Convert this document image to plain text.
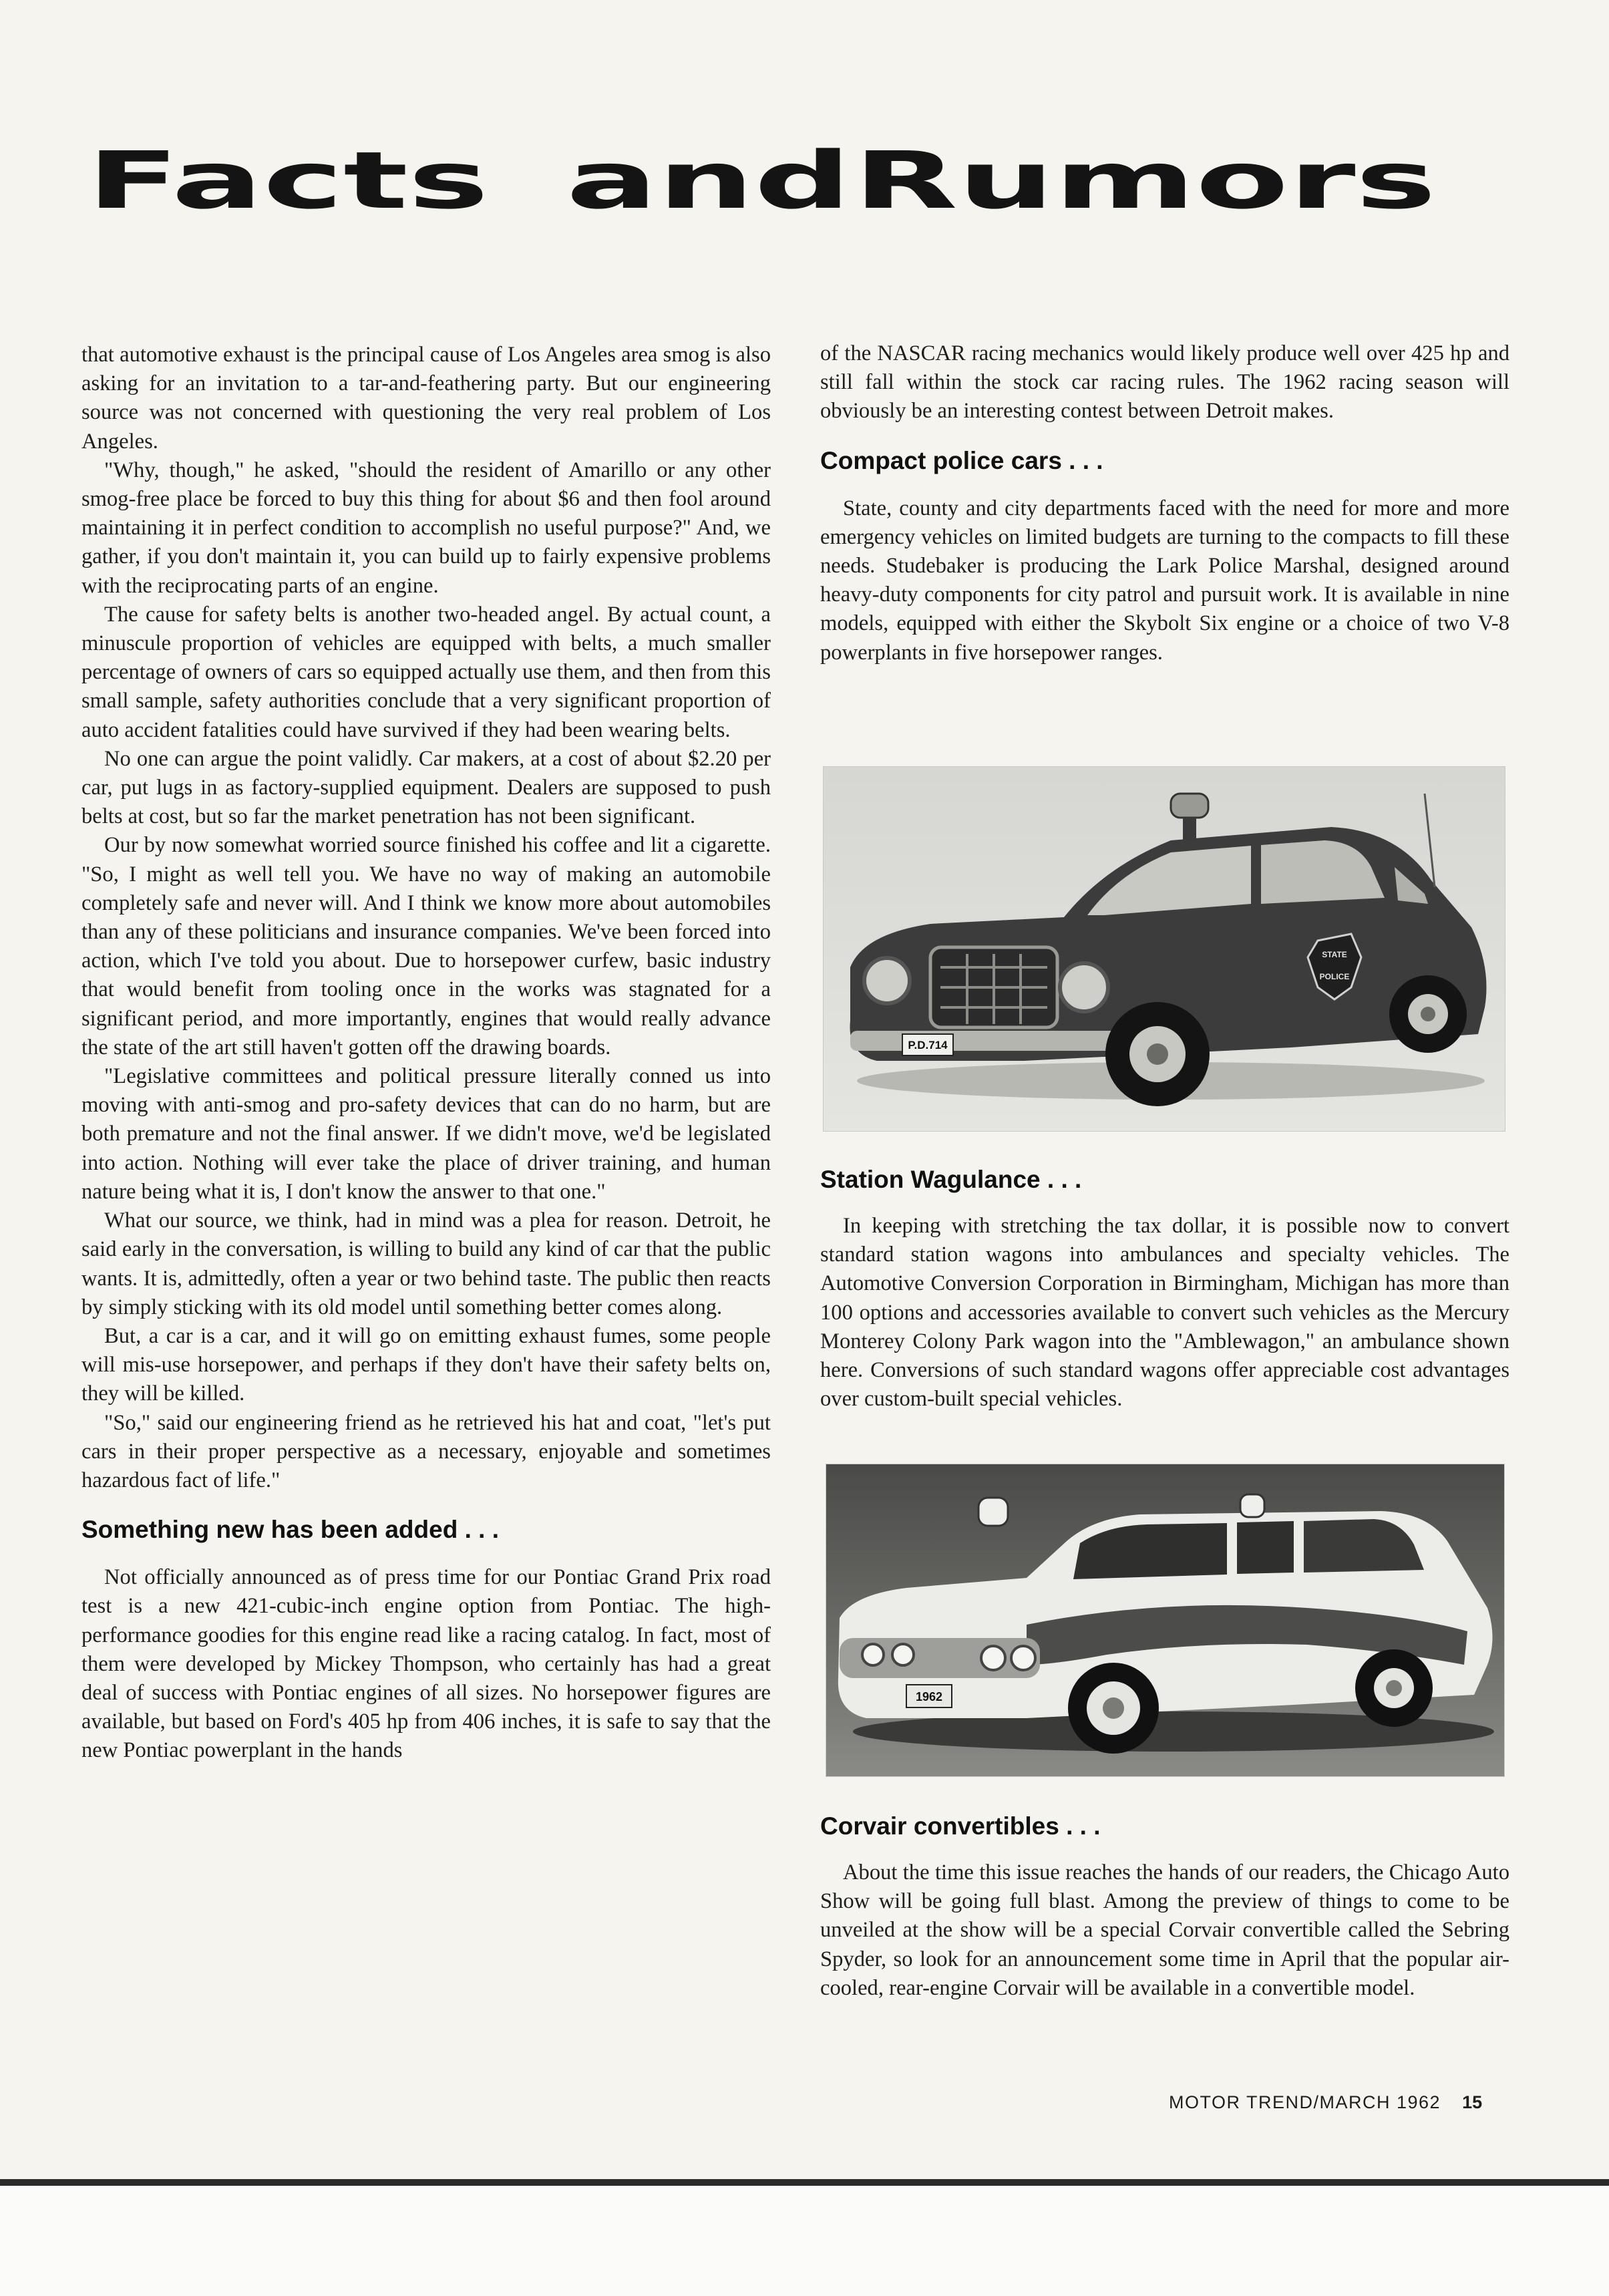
Facts and Rumors

that automotive exhaust is the principal cause of Los Angeles area smog is also asking for an invitation to a tar-and-feathering party. But our engineering source was not concerned with questioning the very real problem of Los Angeles.

"Why, though," he asked, "should the resident of Amarillo or any other smog-free place be forced to buy this thing for about $6 and then fool around maintaining it in perfect condition to accomplish no useful purpose?" And, we gather, if you don't maintain it, you can build up to fairly expensive problems with the reciprocating parts of an engine.

The cause for safety belts is another two-headed angel. By actual count, a minuscule proportion of vehicles are equipped with belts, a much smaller percentage of owners of cars so equipped actually use them, and then from this small sample, safety authorities conclude that a very significant proportion of auto accident fatalities could have survived if they had been wearing belts.

No one can argue the point validly. Car makers, at a cost of about $2.20 per car, put lugs in as factory-supplied equipment. Dealers are supposed to push belts at cost, but so far the market penetration has not been significant.

Our by now somewhat worried source finished his coffee and lit a cigarette. "So, I might as well tell you. We have no way of making an automobile completely safe and never will. And I think we know more about automobiles than any of these politicians and insurance companies. We've been forced into action, which I've told you about. Due to horsepower curfew, basic industry that would benefit from tooling once in the works was stagnated for a significant period, and more importantly, engines that would really advance the state of the art still haven't gotten off the drawing boards.

"Legislative committees and political pressure literally conned us into moving with anti-smog and pro-safety devices that can do no harm, but are both premature and not the final answer. If we didn't move, we'd be legislated into action. Nothing will ever take the place of driver training, and human nature being what it is, I don't know the answer to that one."

What our source, we think, had in mind was a plea for reason. Detroit, he said early in the conversation, is willing to build any kind of car that the public wants. It is, admittedly, often a year or two behind taste. The public then reacts by simply sticking with its old model until something better comes along.

But, a car is a car, and it will go on emitting exhaust fumes, some people will mis-use horsepower, and perhaps if they don't have their safety belts on, they will be killed.

"So," said our engineering friend as he retrieved his hat and coat, "let's put cars in their proper perspective as a necessary, enjoyable and sometimes hazardous fact of life."

Something new has been added . . .

Not officially announced as of press time for our Pontiac Grand Prix road test is a new 421-cubic-inch engine option from Pontiac. The high-performance goodies for this engine read like a racing catalog. In fact, most of them were developed by Mickey Thompson, who certainly has had a great deal of success with Pontiac engines of all sizes. No horsepower figures are available, but based on Ford's 405 hp from 406 inches, it is safe to say that the new Pontiac powerplant in the hands

of the NASCAR racing mechanics would likely produce well over 425 hp and still fall within the stock car racing rules. The 1962 racing season will obviously be an interesting contest between Detroit makes.

Compact police cars . . .

State, county and city departments faced with the need for more and more emergency vehicles on limited budgets are turning to the compacts to fill these needs. Studebaker is producing the Lark Police Marshal, designed around heavy-duty components for city patrol and pursuit work. It is available in nine models, equipped with either the Skybolt Six engine or a choice of two V-8 powerplants in five horsepower ranges.

P.D.714
STATE
POLICE
Station Wagulance . . .

In keeping with stretching the tax dollar, it is possible now to convert standard station wagons into ambulances and specialty vehicles. The Automotive Conversion Corporation in Birmingham, Michigan has more than 100 options and accessories available to convert such vehicles as the Mercury Monterey Colony Park wagon into the "Amblewagon," an ambulance shown here. Conversions of such standard wagons offer appreciable cost advantages over custom-built special vehicles.

1962
Corvair convertibles . . .

About the time this issue reaches the hands of our readers, the Chicago Auto Show will be going full blast. Among the preview of things to come to be unveiled at the show will be a special Corvair convertible called the Sebring Spyder, so look for an announcement some time in April that the popular air-cooled, rear-engine Corvair will be available in a convertible model.

MOTOR TREND/MARCH 1962 15
